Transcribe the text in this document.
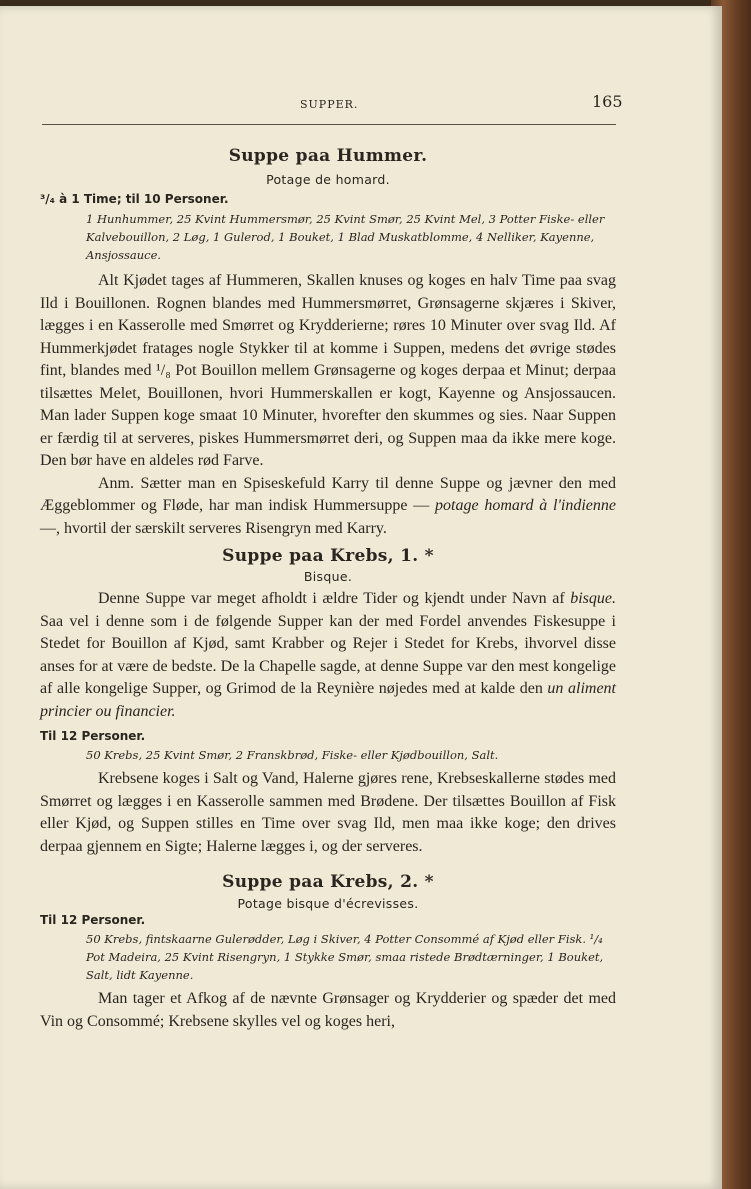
SUPPER.	165
Suppe paa Hummer.

Potage de homard.

³/₄ à 1 Time; til 10 Personer.

1 Hunhummer, 25 Kvint Hummersmør, 25 Kvint Smør, 25 Kvint Mel, 3 Potter Fiske- eller Kalvebouillon, 2 Løg, 1 Gulerod, 1 Bouket, 1 Blad Muskatblomme, 4 Nelliker, Kayenne, Ansjossauce.

Alt Kjødet tages af Hummeren, Skallen knuses og koges en halv Time paa svag Ild i Bouillonen. Rognen blandes med Hummersmørret, Grønsagerne skjæres i Skiver, lægges i en Kasserolle med Smørret og Krydderierne; røres 10 Minuter over svag Ild. Af Hummerkjødet fratages nogle Stykker til at komme i Suppen, medens det øvrige stødes fint, blandes med ¹/₈ Pot Bouillon mellem Grønsagerne og koges derpaa et Minut; derpaa tilsættes Melet, Bouillonen, hvori Hummerskallen er kogt, Kayenne og Ansjossaucen. Man lader Suppen koge smaat 10 Minuter, hvorefter den skummes og sies. Naar Suppen er færdig til at serveres, piskes Hummersmørret deri, og Suppen maa da ikke mere koge. Den bør have en aldeles rød Farve.

Anm. Sætter man en Spiseskefuld Karry til denne Suppe og jævner den med Æggeblommer og Fløde, har man indisk Hummersuppe — potage homard à l'indienne —, hvortil der særskilt serveres Risengryn med Karry.

Suppe paa Krebs, 1. *

Bisque.

Denne Suppe var meget afholdt i ældre Tider og kjendt under Navn af bisque. Saa vel i denne som i de følgende Supper kan der med Fordel anvendes Fiskesuppe i Stedet for Bouillon af Kjød, samt Krabber og Rejer i Stedet for Krebs, ihvorvel disse anses for at være de bedste. De la Chapelle sagde, at denne Suppe var den mest kongelige af alle kongelige Supper, og Grimod de la Reynière nøjedes med at kalde den un aliment princier ou financier.

Til 12 Personer.

50 Krebs, 25 Kvint Smør, 2 Franskbrød, Fiske- eller Kjødbouillon, Salt.

Krebsene koges i Salt og Vand, Halerne gjøres rene, Krebseskallerne stødes med Smørret og lægges i en Kasserolle sammen med Brødene. Der tilsættes Bouillon af Fisk eller Kjød, og Suppen stilles en Time over svag Ild, men maa ikke koge; den drives derpaa gjennem en Sigte; Halerne lægges i, og der serveres.

Suppe paa Krebs, 2. *

Potage bisque d'écrevisses.

Til 12 Personer.

50 Krebs, fintskaarne Gulerødder, Løg i Skiver, 4 Potter Consommé af Kjød eller Fisk. ¹/₄ Pot Madeira, 25 Kvint Risengryn, 1 Stykke Smør, smaa ristede Brødtærninger, 1 Bouket, Salt, lidt Kayenne.

Man tager et Afkog af de nævnte Grønsager og Krydderier og spæder det med Vin og Consommé; Krebsene skylles vel og koges heri,
